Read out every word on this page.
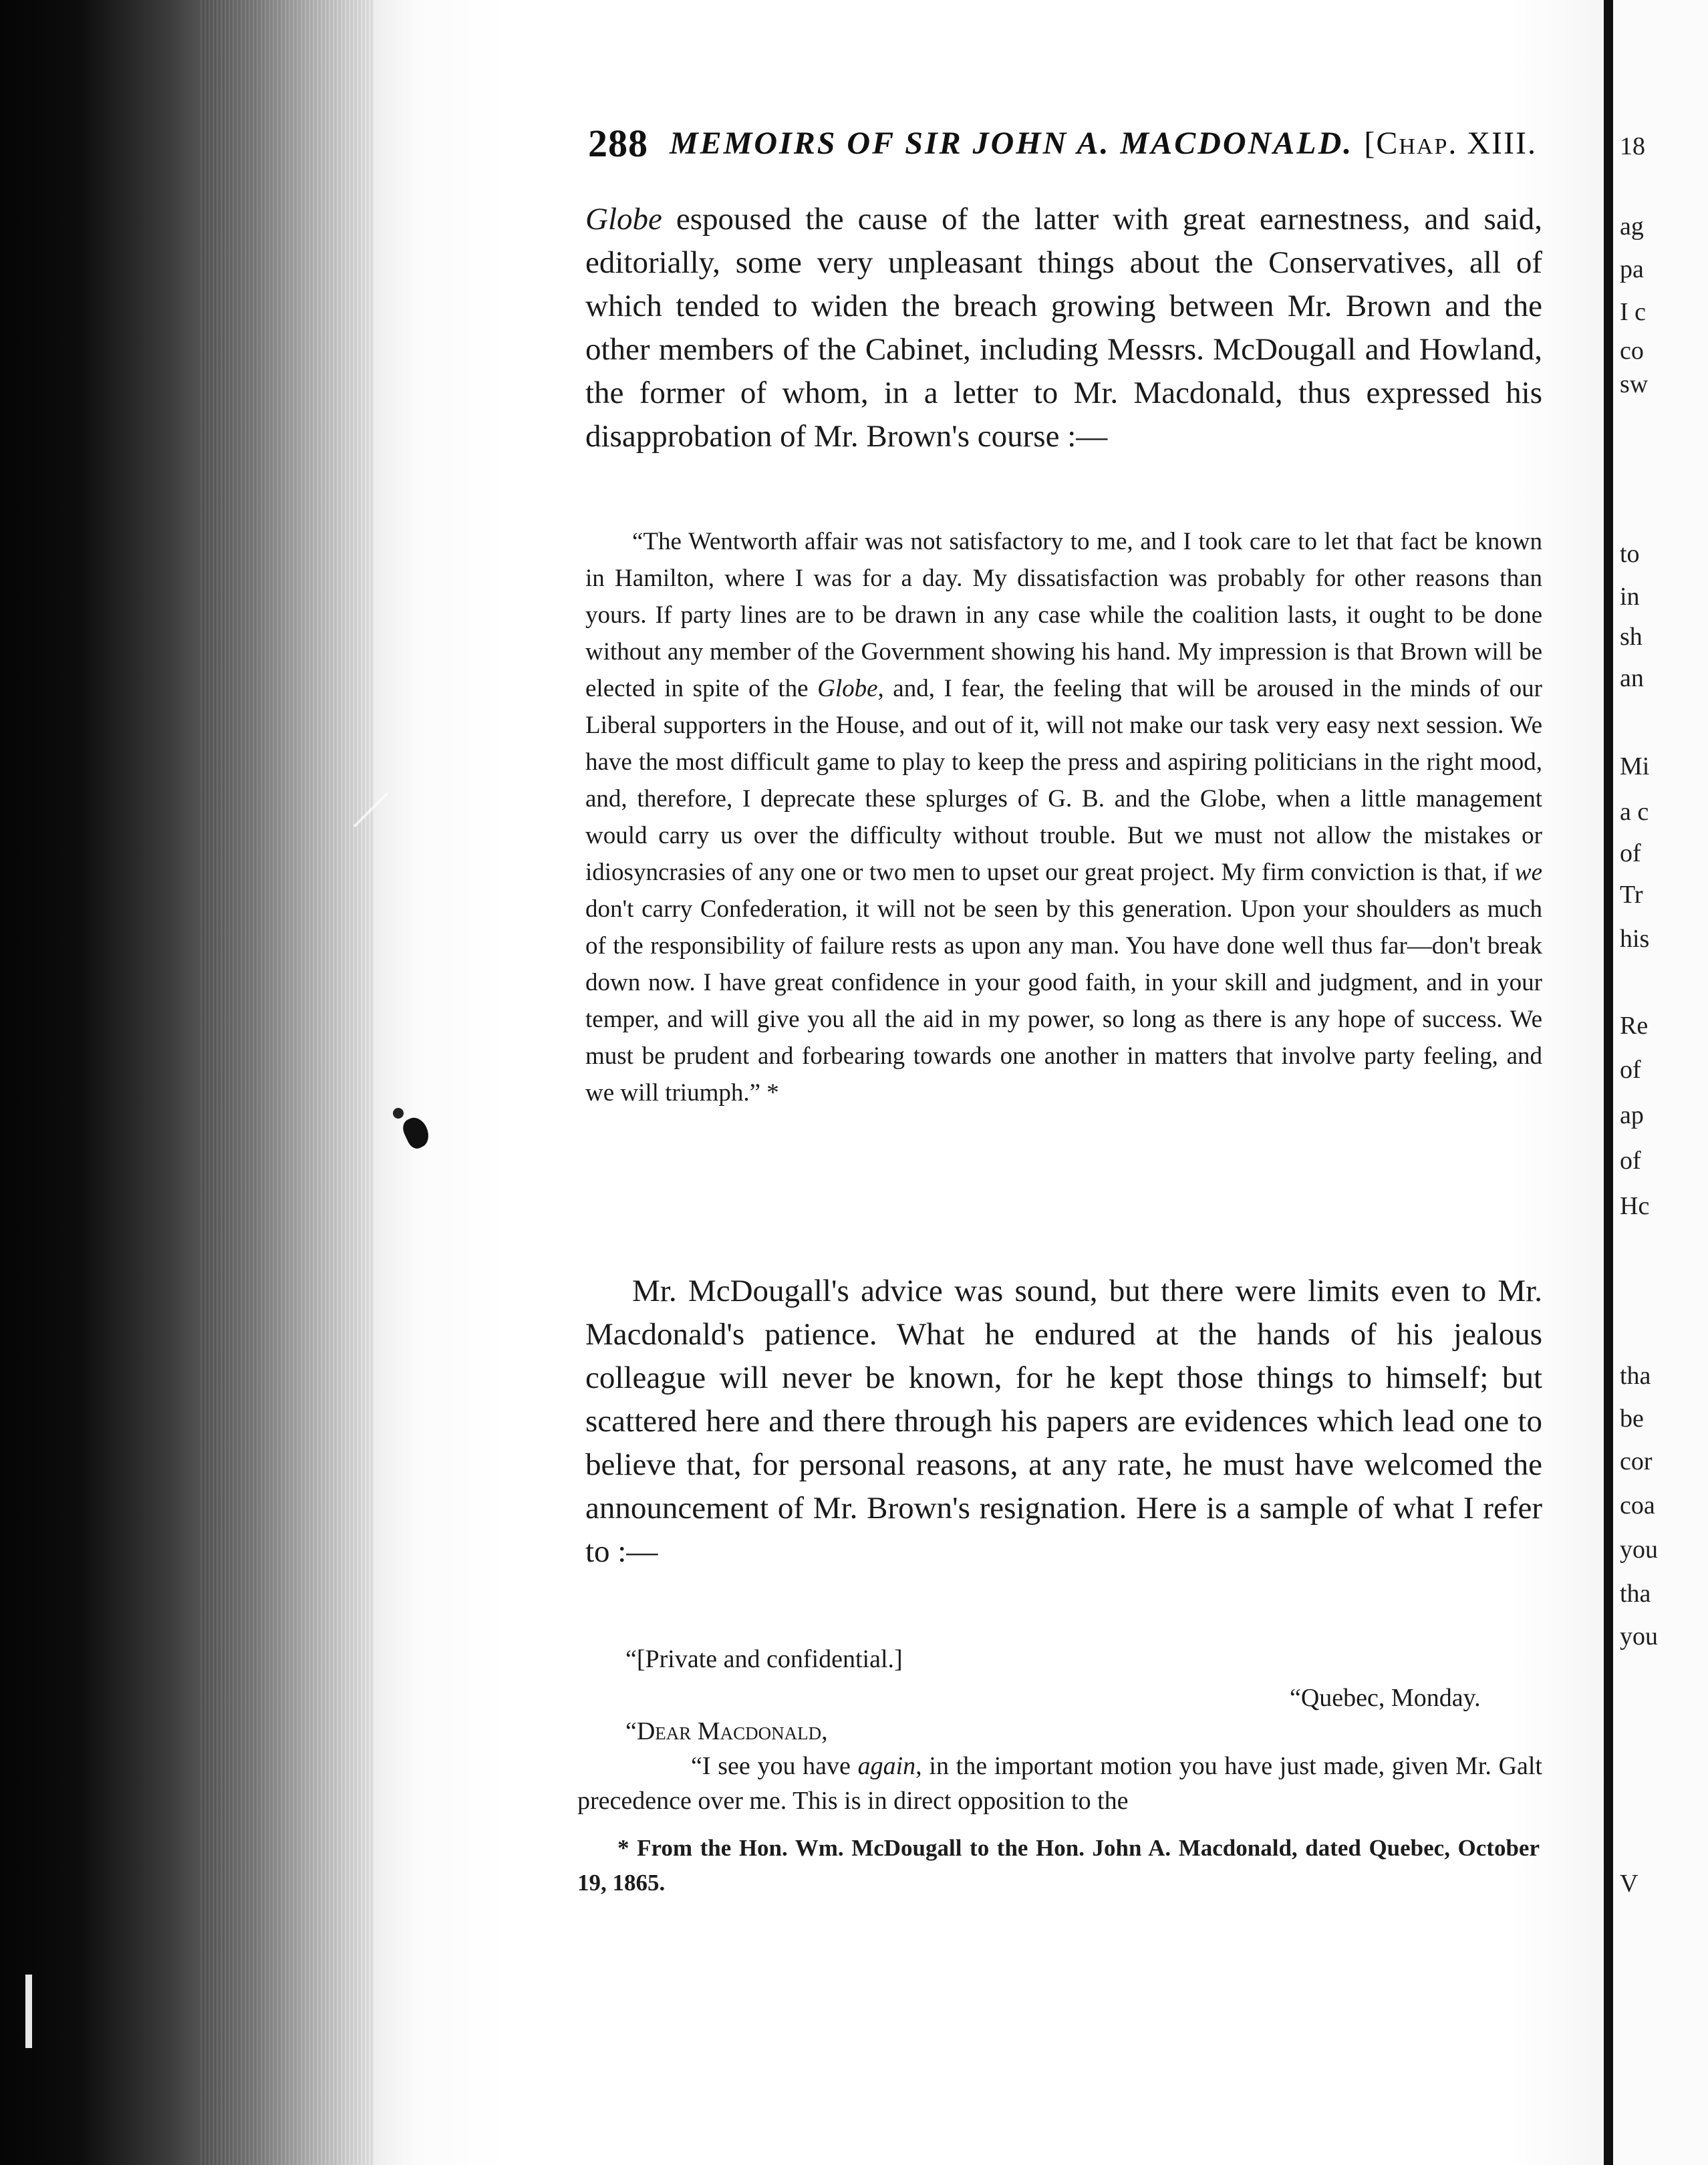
18
ag
pa
I c
co
sw
to
in
sh
an
Mi
a c
of
Tr
his
Re
of
ap
of
Hc
tha
be
cor
coa
you
tha
you
V
288 MEMOIRS OF SIR JOHN A. MACDONALD. [Chap. XIII.

Globe espoused the cause of the latter with great earnestness, and said, editorially, some very unpleasant things about the Conservatives, all of which tended to widen the breach growing between Mr. Brown and the other members of the Cabinet, including Messrs. McDougall and Howland, the former of whom, in a letter to Mr. Macdonald, thus expressed his disapprobation of Mr. Brown's course :—

“The Wentworth affair was not satisfactory to me, and I took care to let that fact be known in Hamilton, where I was for a day. My dissatisfaction was probably for other reasons than yours. If party lines are to be drawn in any case while the coalition lasts, it ought to be done without any member of the Government showing his hand. My impression is that Brown will be elected in spite of the Globe, and, I fear, the feeling that will be aroused in the minds of our Liberal supporters in the House, and out of it, will not make our task very easy next session. We have the most difficult game to play to keep the press and aspiring politicians in the right mood, and, therefore, I deprecate these splurges of G. B. and the Globe, when a little management would carry us over the difficulty without trouble. But we must not allow the mistakes or idiosyncrasies of any one or two men to upset our great project. My firm conviction is that, if we don't carry Confederation, it will not be seen by this generation. Upon your shoulders as much of the responsibility of failure rests as upon any man. You have done well thus far—don't break down now. I have great confidence in your good faith, in your skill and judgment, and in your temper, and will give you all the aid in my power, so long as there is any hope of success. We must be prudent and forbearing towards one another in matters that involve party feeling, and we will triumph.” *

Mr. McDougall's advice was sound, but there were limits even to Mr. Macdonald's patience. What he endured at the hands of his jealous colleague will never be known, for he kept those things to himself; but scattered here and there through his papers are evidences which lead one to believe that, for personal reasons, at any rate, he must have welcomed the announcement of Mr. Brown's resignation. Here is a sample of what I refer to :—

“[Private and confidential.]
“Quebec, Monday.
“Dear Macdonald,

“I see you have again, in the important motion you have just made, given Mr. Galt precedence over me. This is in direct opposition to the

* From the Hon. Wm. McDougall to the Hon. John A. Macdonald, dated Quebec, October 19, 1865.
